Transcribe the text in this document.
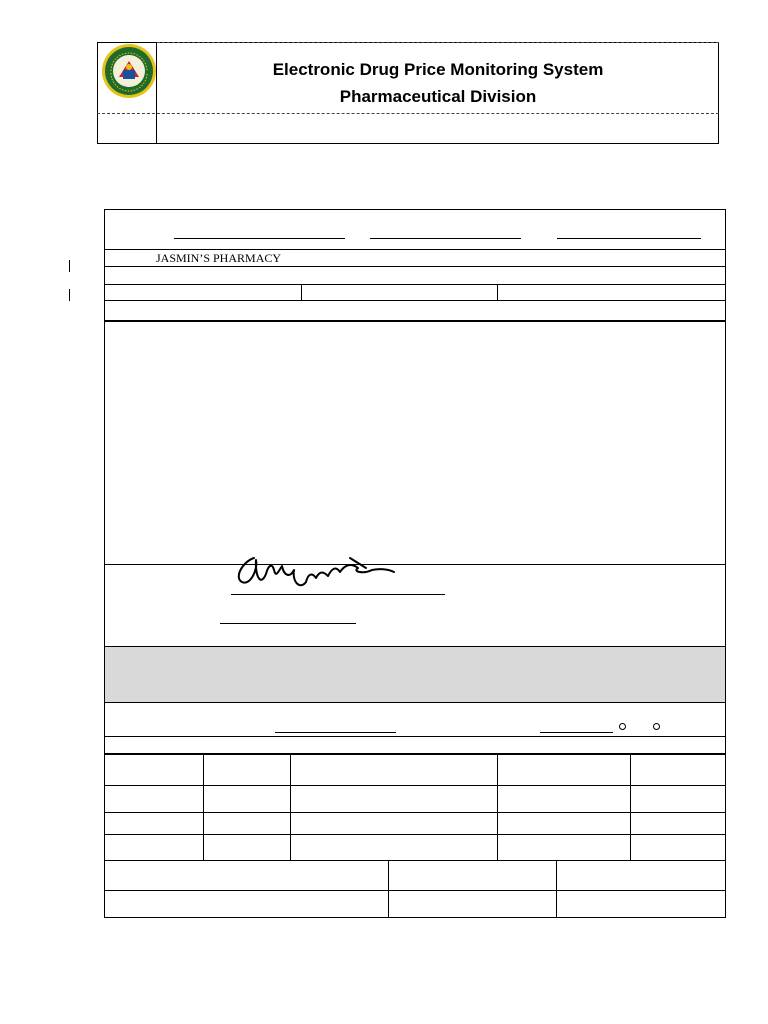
Electronic Drug Price Monitoring System
Pharmaceutical Division
JASMIN’S PHARMACY
